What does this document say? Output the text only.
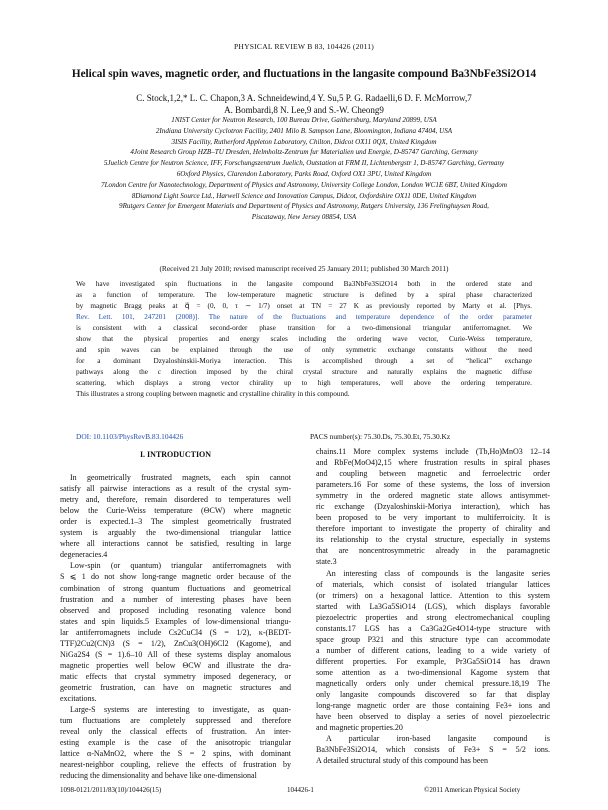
PHYSICAL REVIEW B 83, 104426 (2011)
Helical spin waves, magnetic order, and fluctuations in the langasite compound Ba3NbFe3Si2O14
C. Stock,1,2,* L. C. Chapon,3 A. Schneidewind,4 Y. Su,5 P. G. Radaelli,6 D. F. McMorrow,7
A. Bombardi,8 N. Lee,9 and S.-W. Cheong9
1NIST Center for Neutron Research, 100 Bureau Drive, Gaithersburg, Maryland 20899, USA
2Indiana University Cyclotron Facility, 2401 Milo B. Sampson Lane, Bloomington, Indiana 47404, USA
3ISIS Facility, Rutherford Appleton Laboratory, Chilton, Didcot OX11 0QX, United Kingdom
4Joint Research Group HZB–TU Dresden, Helmholtz-Zentrum fur Materialien und Energie, D-85747 Garching, Germany
5Juelich Centre for Neutron Science, IFF, Forschungszentrum Juelich, Outstation at FRM II, Lichtenbergstr 1, D-85747 Garching, Germany
6Oxford Physics, Clarendon Laboratory, Parks Road, Oxford OX1 3PU, United Kingdom
7London Centre for Nanotechnology, Department of Physics and Astronomy, University College London, London WC1E 6BT, United Kingdom
8Diamond Light Source Ltd., Harwell Science and Innovation Campus, Didcot, Oxfordshire OX11 0DE, United Kingdom
9Rutgers Center for Emergent Materials and Department of Physics and Astronomy, Rutgers University, 136 Frelinghuysen Road,
Piscataway, New Jersey 08854, USA
(Received 21 July 2010; revised manuscript received 25 January 2011; published 30 March 2011)
We have investigated spin fluctuations in the langasite compound Ba3NbFe3Si2O14 both in the ordered state and
as a function of temperature. The low-temperature magnetic structure is defined by a spiral phase characterized
by magnetic Bragg peaks at q⃗ = (0, 0, τ ∼ 1/7) onset at TN = 27 K as previously reported by Marty et al. [Phys.
Rev. Lett. 101, 247201 (2008)]. The nature of the fluctuations and temperature dependence of the order parameter
is consistent with a classical second-order phase transition for a two-dimensional triangular antiferromagnet. We
show that the physical properties and energy scales including the ordering wave vector, Curie-Weiss temperature,
and spin waves can be explained through the use of only symmetric exchange constants without the need
for a dominant Dzyaloshinskii-Moriya interaction. This is accomplished through a set of “helical” exchange
pathways along the c direction imposed by the chiral crystal structure and naturally explains the magnetic diffuse
scattering, which displays a strong vector chirality up to high temperatures, well above the ordering temperature.
This illustrates a strong coupling between magnetic and crystalline chirality in this compound.
DOI: 10.1103/PhysRevB.83.104426	PACS number(s): 75.30.Ds, 75.30.Et, 75.30.Kz
I. INTRODUCTION
In geometrically frustrated magnets, each spin cannot
satisfy all pairwise interactions as a result of the crystal sym-
metry and, therefore, remain disordered to temperatures well
below the Curie-Weiss temperature (ΘCW) where magnetic
order is expected.1–3 The simplest geometrically frustrated
system is arguably the two-dimensional triangular lattice
where all interactions cannot be satisfied, resulting in large
degeneracies.4
Low-spin (or quantum) triangular antiferromagnets with
S ⩽ 1 do not show long-range magnetic order because of the
combination of strong quantum fluctuations and geometrical
frustration and a number of interesting phases have been
observed and proposed including resonating valence bond
states and spin liquids.5 Examples of low-dimensional triangu-
lar antiferromagnets include Cs2CuCl4 (S = 1/2), κ-(BEDT-
TTF)2Cu2(CN)3 (S = 1/2), ZnCu3(OH)6Cl2 (Kagome), and
NiGa2S4 (S = 1).6–10 All of these systems display anomalous
magnetic properties well below ΘCW and illustrate the dra-
matic effects that crystal symmetry imposed degeneracy, or
geometric frustration, can have on magnetic structures and
excitations.
Large-S systems are interesting to investigate, as quan-
tum fluctuations are completely suppressed and therefore
reveal only the classical effects of frustration. An inter-
esting example is the case of the anisotropic triangular
lattice α-NaMnO2, where the S = 2 spins, with dominant
nearest-neighbor coupling, relieve the effects of frustration by
reducing the dimensionality and behave like one-dimensional
chains.11 More complex systems include (Tb,Ho)MnO3 12–14
and RbFe(MoO4)2,15 where frustration results in spiral phases
and coupling between magnetic and ferroelectric order
parameters.16 For some of these systems, the loss of inversion
symmetry in the ordered magnetic state allows antisymmet-
ric exchange (Dzyaloshinskii-Moriya interaction), which has
been proposed to be very important to multiferroicity. It is
therefore important to investigate the property of chirality and
its relationship to the crystal structure, especially in systems
that are noncentrosymmetric already in the paramagnetic
state.3
An interesting class of compounds is the langasite series
of materials, which consist of isolated triangular lattices
(or trimers) on a hexagonal lattice. Attention to this system
started with La3Ga5SiO14 (LGS), which displays favorable
piezoelectric properties and strong electromechanical coupling
constants.17 LGS has a Ca3Ga2Ge4O14-type structure with
space group P321 and this structure type can accommodate
a number of different cations, leading to a wide variety of
different properties. For example, Pr3Ga5SiO14 has drawn
some attention as a two-dimensional Kagome system that
magnetically orders only under chemical pressure.18,19 The
only langasite compounds discovered so far that display
long-range magnetic order are those containing Fe3+ ions and
have been observed to display a series of novel piezoelectric
and magnetic properties.20
A particular iron-based langasite compound is
Ba3NbFe3Si2O14, which consists of Fe3+ S = 5/2 ions.
A detailed structural study of this compound has been
1098-0121/2011/83(10)/104426(15)	104426-1	©2011 American Physical Society
